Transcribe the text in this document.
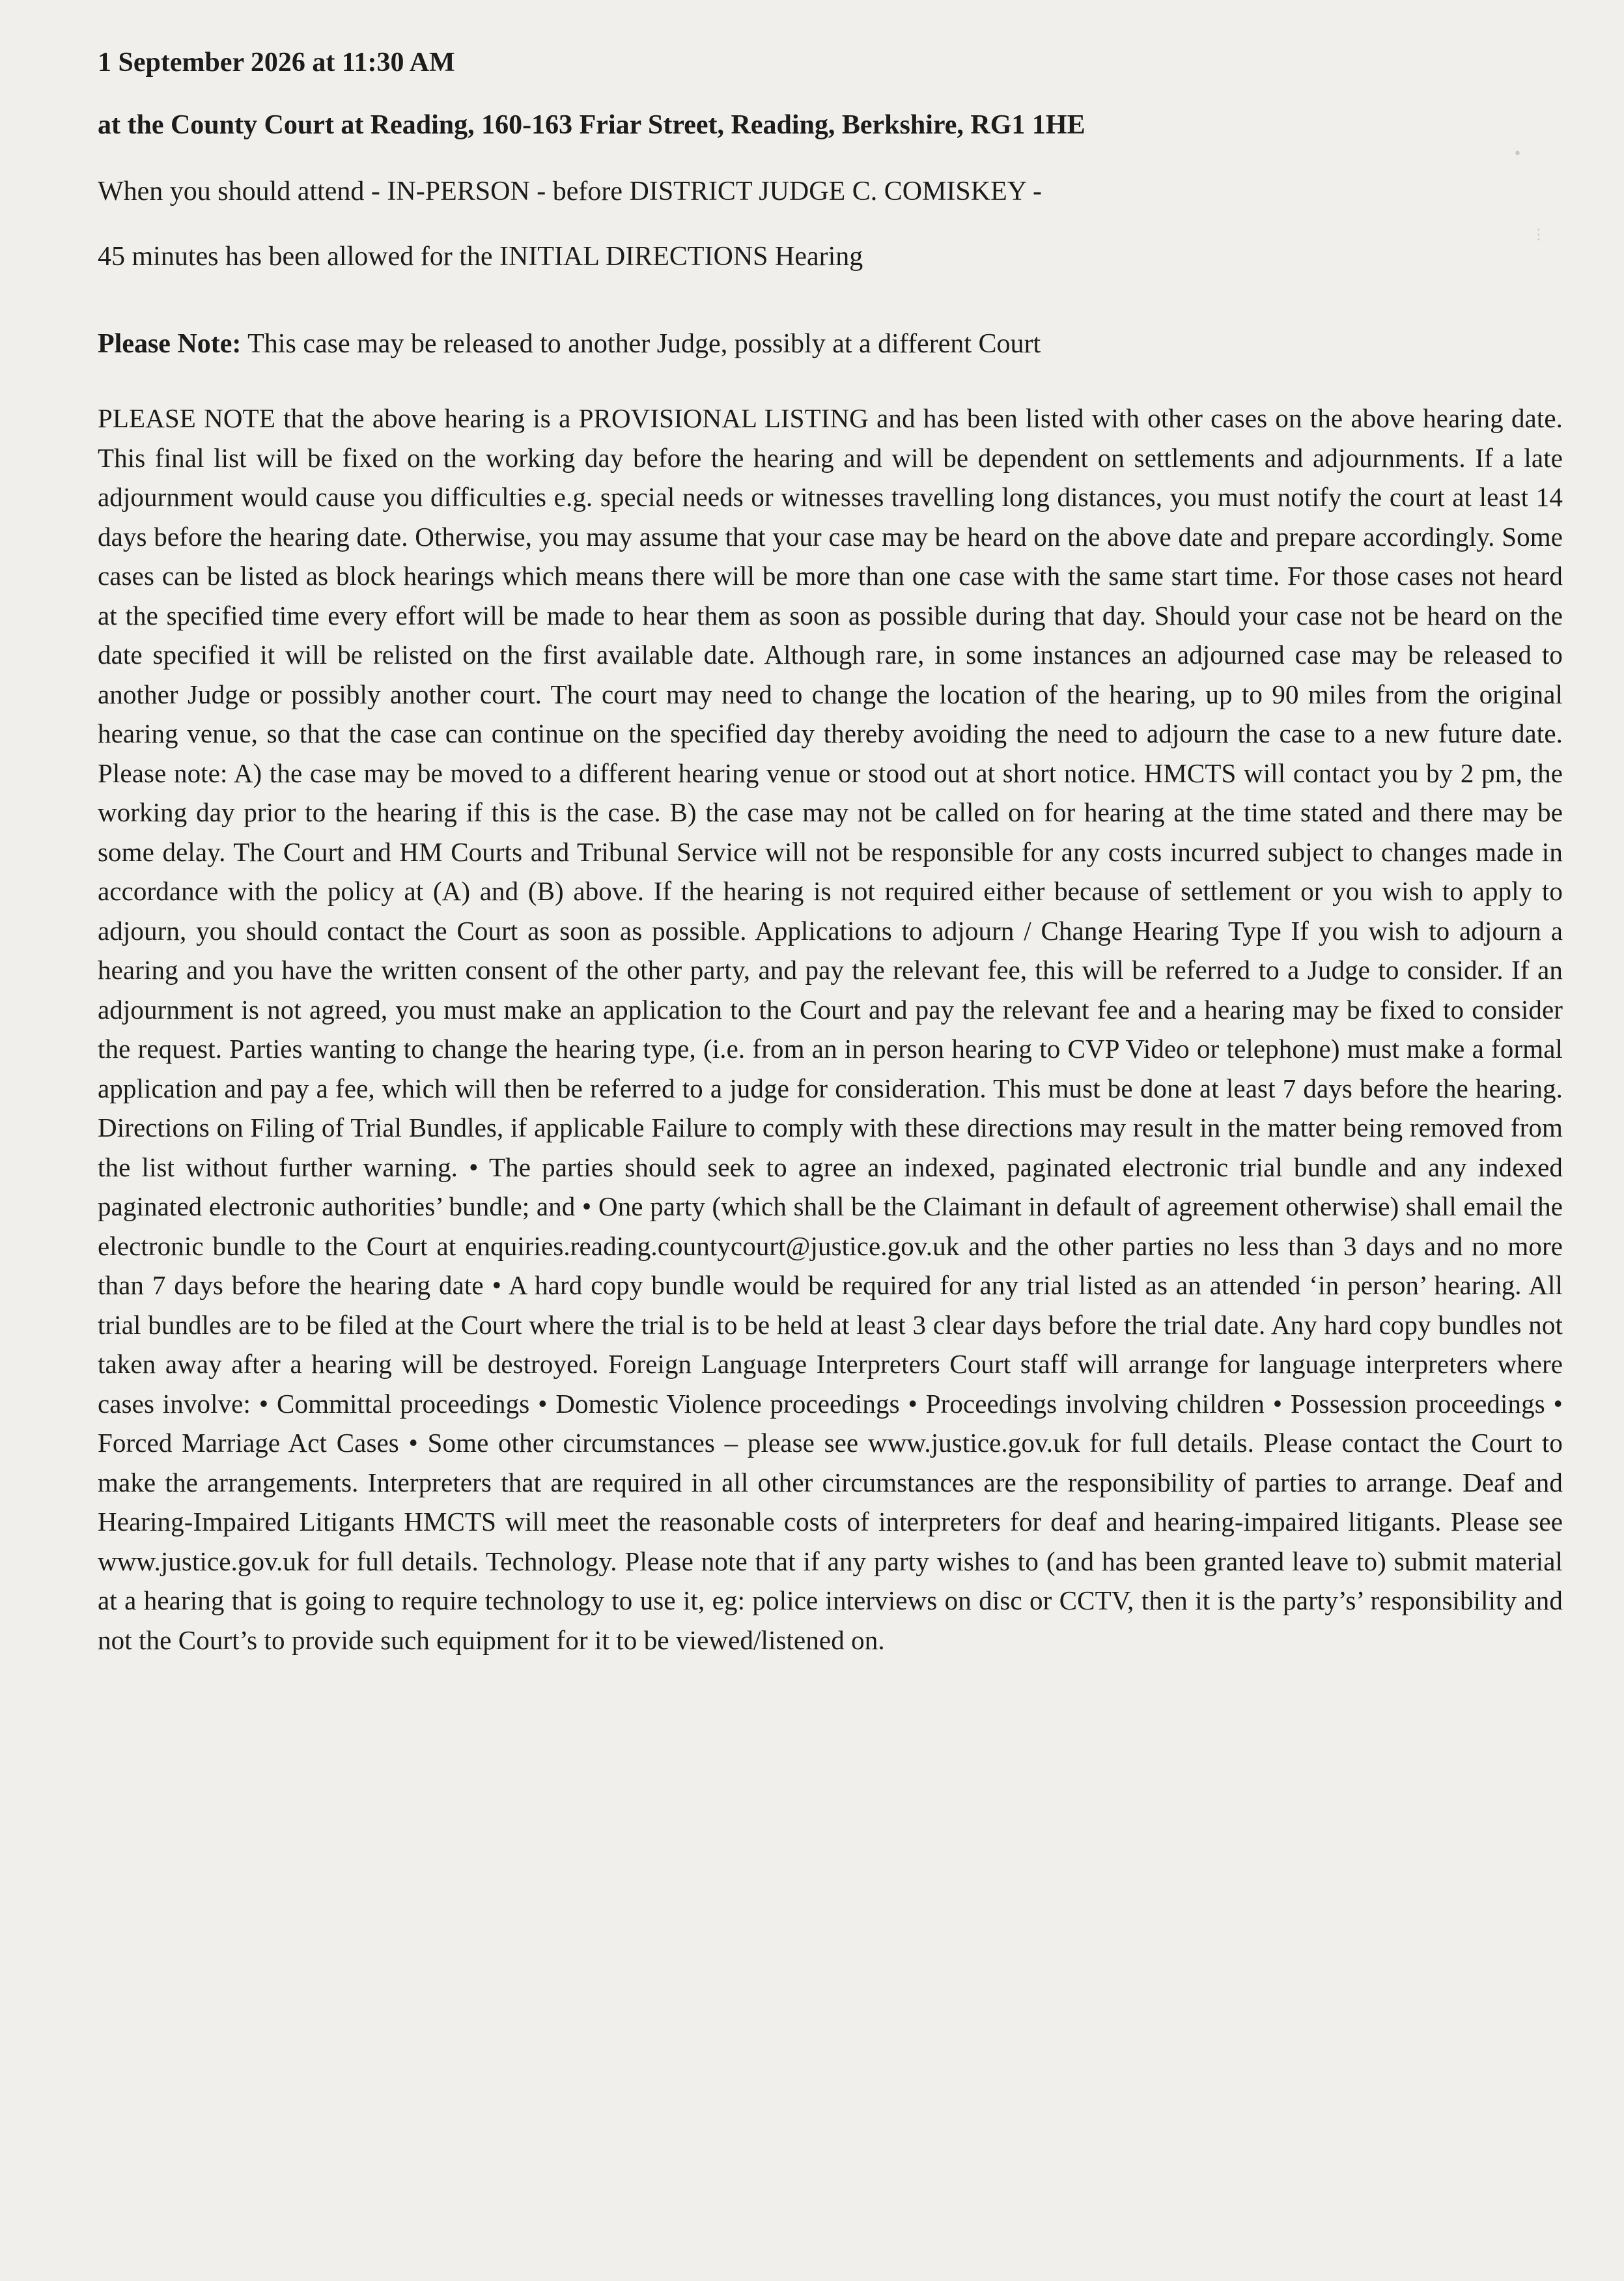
1 September 2026 at 11:30 AM

at the County Court at Reading, 160-163 Friar Street, Reading, Berkshire, RG1 1HE

When you should attend - IN-PERSON - before DISTRICT JUDGE C. COMISKEY -

45 minutes has been allowed for the INITIAL DIRECTIONS Hearing

Please Note: This case may be released to another Judge, possibly at a different Court

PLEASE NOTE that the above hearing is a PROVISIONAL LISTING and has been listed with other cases on the above hearing date. This final list will be fixed on the working day before the hearing and will be dependent on settlements and adjournments. If a late adjournment would cause you difficulties e.g. special needs or witnesses travelling long distances, you must notify the court at least 14 days before the hearing date. Otherwise, you may assume that your case may be heard on the above date and prepare accordingly. Some cases can be listed as block hearings which means there will be more than one case with the same start time. For those cases not heard at the specified time every effort will be made to hear them as soon as possible during that day. Should your case not be heard on the date specified it will be relisted on the first available date. Although rare, in some instances an adjourned case may be released to another Judge or possibly another court. The court may need to change the location of the hearing, up to 90 miles from the original hearing venue, so that the case can continue on the specified day thereby avoiding the need to adjourn the case to a new future date. Please note: A) the case may be moved to a different hearing venue or stood out at short notice. HMCTS will contact you by 2 pm, the working day prior to the hearing if this is the case. B) the case may not be called on for hearing at the time stated and there may be some delay. The Court and HM Courts and Tribunal Service will not be responsible for any costs incurred subject to changes made in accordance with the policy at (A) and (B) above. If the hearing is not required either because of settlement or you wish to apply to adjourn, you should contact the Court as soon as possible. Applications to adjourn / Change Hearing Type If you wish to adjourn a hearing and you have the written consent of the other party, and pay the relevant fee, this will be referred to a Judge to consider. If an adjournment is not agreed, you must make an application to the Court and pay the relevant fee and a hearing may be fixed to consider the request. Parties wanting to change the hearing type, (i.e. from an in person hearing to CVP Video or telephone) must make a formal application and pay a fee, which will then be referred to a judge for consideration. This must be done at least 7 days before the hearing. Directions on Filing of Trial Bundles, if applicable Failure to comply with these directions may result in the matter being removed from the list without further warning. • The parties should seek to agree an indexed, paginated electronic trial bundle and any indexed paginated electronic authorities’ bundle; and • One party (which shall be the Claimant in default of agreement otherwise) shall email the electronic bundle to the Court at enquiries.reading.countycourt@justice.gov.uk and the other parties no less than 3 days and no more than 7 days before the hearing date • A hard copy bundle would be required for any trial listed as an attended ‘in person’ hearing. All trial bundles are to be filed at the Court where the trial is to be held at least 3 clear days before the trial date. Any hard copy bundles not taken away after a hearing will be destroyed. Foreign Language Interpreters Court staff will arrange for language interpreters where cases involve: • Committal proceedings • Domestic Violence proceedings • Proceedings involving children • Possession proceedings • Forced Marriage Act Cases • Some other circumstances – please see www.justice.gov.uk for full details. Please contact the Court to make the arrangements. Interpreters that are required in all other circumstances are the responsibility of parties to arrange. Deaf and Hearing-Impaired Litigants HMCTS will meet the reasonable costs of interpreters for deaf and hearing-impaired litigants. Please see www.justice.gov.uk for full details. Technology. Please note that if any party wishes to (and has been granted leave to) submit material at a hearing that is going to require technology to use it, eg: police interviews on disc or CCTV, then it is the party’s’ responsibility and not the Court’s to provide such equipment for it to be viewed/listened on.

•
⋮
